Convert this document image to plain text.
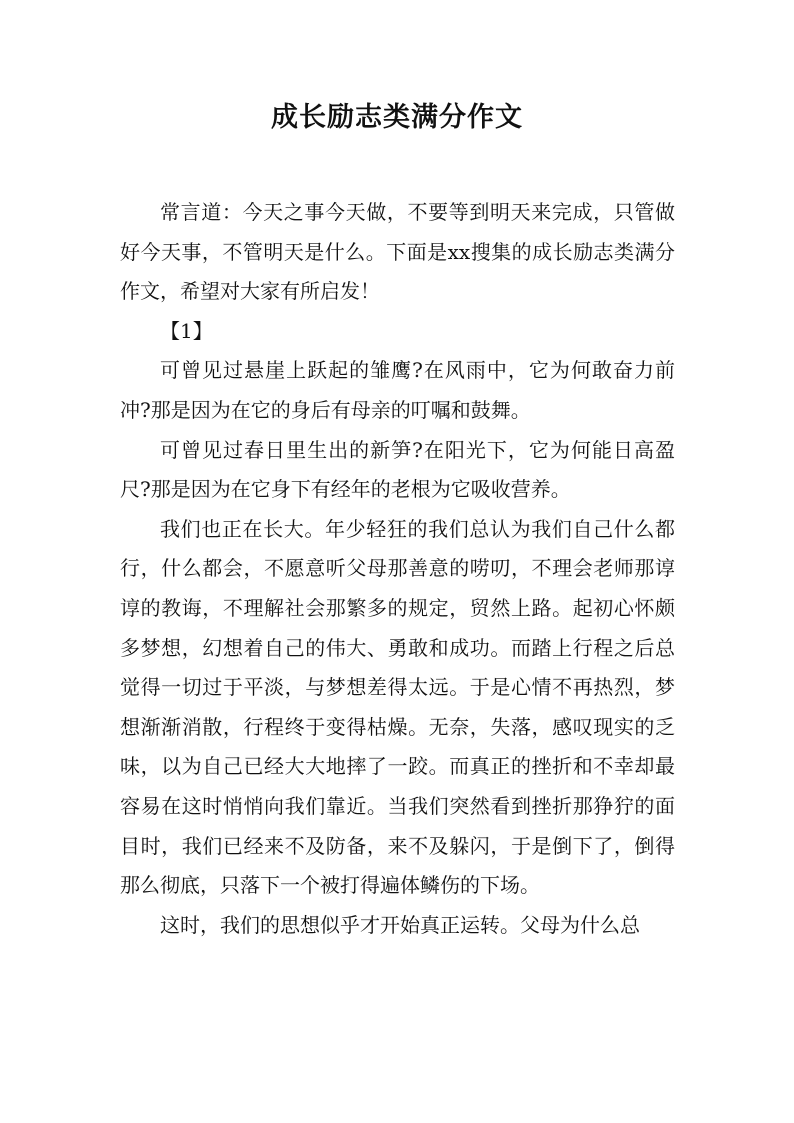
成长励志类满分作文

常言道：今天之事今天做，不要等到明天来完成，只管做好今天事，不管明天是什么。下面是xx搜集的成长励志类满分作文，希望对大家有所启发！

【1】

可曾见过悬崖上跃起的雏鹰?在风雨中，它为何敢奋力前冲?那是因为在它的身后有母亲的叮嘱和鼓舞。

可曾见过春日里生出的新笋?在阳光下，它为何能日高盈尺?那是因为在它身下有经年的老根为它吸收营养。

我们也正在长大。年少轻狂的我们总认为我们自己什么都行，什么都会，不愿意听父母那善意的唠叨，不理会老师那谆谆的教诲，不理解社会那繁多的规定，贸然上路。起初心怀颇多梦想，幻想着自己的伟大、勇敢和成功。而踏上行程之后总觉得一切过于平淡，与梦想差得太远。于是心情不再热烈，梦想渐渐消散，行程终于变得枯燥。无奈，失落，感叹现实的乏味，以为自己已经大大地摔了一跤。而真正的挫折和不幸却最容易在这时悄悄向我们靠近。当我们突然看到挫折那狰狞的面目时，我们已经来不及防备，来不及躲闪，于是倒下了，倒得那么彻底，只落下一个被打得遍体鳞伤的下场。

这时，我们的思想似乎才开始真正运转。父母为什么总
